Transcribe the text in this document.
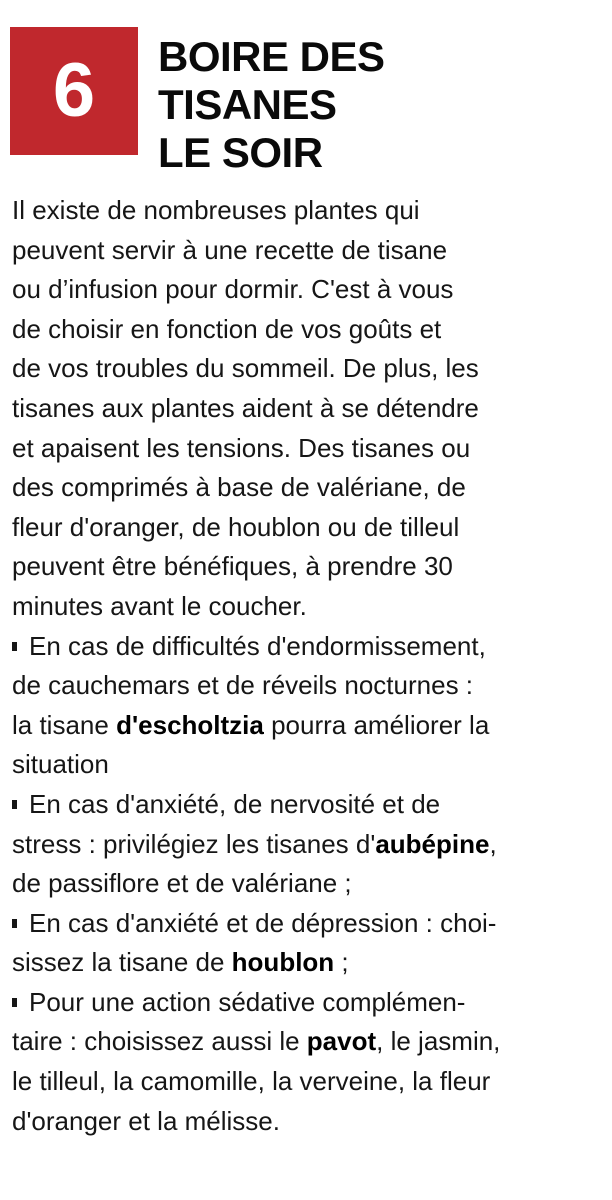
6 BOIRE DES
TISANES
LE SOIR
Il existe de nombreuses plantes qui
peuvent servir à une recette de tisane
ou d’infusion pour dormir. C'est à vous
de choisir en fonction de vos goûts et
de vos troubles du sommeil. De plus, les
tisanes aux plantes aident à se détendre
et apaisent les tensions. Des tisanes ou
des comprimés à base de valériane, de
fleur d'oranger, de houblon ou de tilleul
peuvent être bénéfiques, à prendre 30
minutes avant le coucher.
En cas de difficultés d'endormissement,
de cauchemars et de réveils nocturnes :
la tisane d'escholtzia pourra améliorer la
situation
En cas d'anxiété, de nervosité et de
stress : privilégiez les tisanes d'aubépine,
de passiflore et de valériane ;
En cas d'anxiété et de dépression : choi-
sissez la tisane de houblon ;
Pour une action sédative complémen-
taire : choisissez aussi le pavot, le jasmin,
le tilleul, la camomille, la verveine, la fleur
d'oranger et la mélisse.
